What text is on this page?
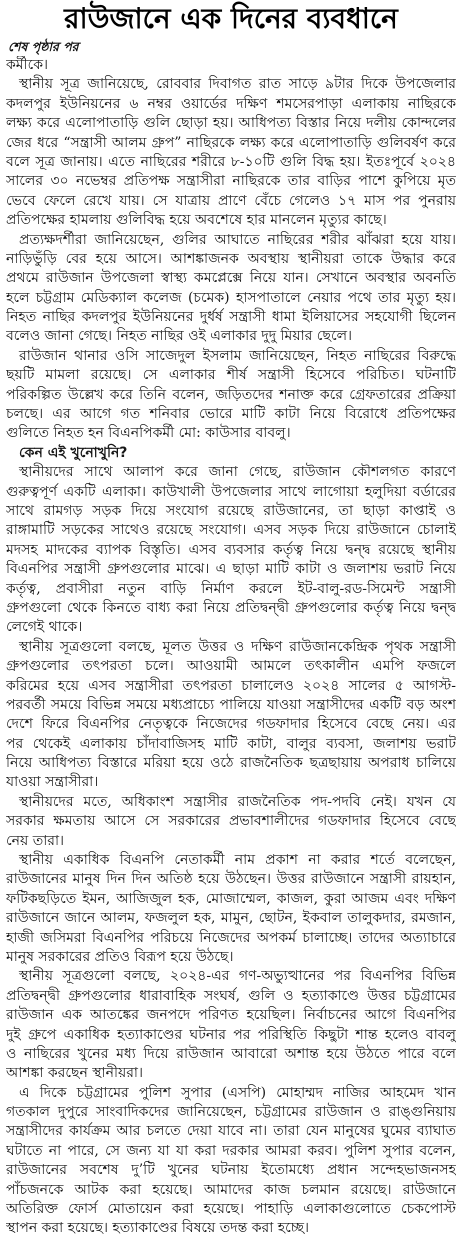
রাউজানে এক দিনের ব্যবধানে
শেষ পৃষ্ঠার পর
কর্মীকে।
স্থানীয় সূত্র জানিয়েছে, রোববার দিবাগত রাত সাড়ে ৯টার দিকে উপজেলার
কদলপুর ইউনিয়নের ৬ নম্বর ওয়ার্ডের দক্ষিণ শমসেরপাড়া এলাকায় নাছিরকে
লক্ষ্য করে এলোপাতাড়ি গুলি ছোড়া হয়। আধিপত্য বিস্তার নিয়ে দলীয় কোন্দলের
জের ধরে “সন্ত্রাসী আলম গ্রুপ” নাছিরকে লক্ষ্য করে এলোপাতাড়ি গুলিবর্ষণ করে
বলে সূত্র জানায়। এতে নাছিরের শরীরে ৮-১০টি গুলি বিদ্ধ হয়। ইতঃপূর্বে ২০২৪
সালের ৩০ নভেম্বর প্রতিপক্ষ সন্ত্রাসীরা নাছিরকে তার বাড়ির পাশে কুপিয়ে মৃত
ভেবে ফেলে রেখে যায়। সে যাত্রায় প্রাণে বেঁচে গেলেও ১৭ মাস পর পুনরায়
প্রতিপক্ষের হামলায় গুলিবিদ্ধ হয়ে অবশেষে হার মানলেন মৃত্যুর কাছে।
প্রত্যক্ষদর্শীরা জানিয়েছেন, গুলির আঘাতে নাছিরের শরীর ঝাঁঝরা হয়ে যায়।
নাড়িভুঁড়ি বের হয়ে আসে। আশঙ্কাজনক অবস্থায় স্থানীয়রা তাকে উদ্ধার করে
প্রথমে রাউজান উপজেলা স্বাস্থ্য কমপ্লেক্সে নিয়ে যান। সেখানে অবস্থার অবনতি
হলে চট্টগ্রাম মেডিক্যাল কলেজ (চমেক) হাসপাতালে নেয়ার পথে তার মৃত্যু হয়।
নিহত নাছির কদলপুর ইউনিয়নের দুর্ধর্ষ সন্ত্রাসী ধামা ইলিয়াসের সহযোগী ছিলেন
বলেও জানা গেছে। নিহত নাছির ওই এলাকার দুদু মিয়ার ছেলে।
রাউজান থানার ওসি সাজেদুল ইসলাম জানিয়েছেন, নিহত নাছিরের বিরুদ্ধে
ছয়টি মামলা রয়েছে। সে এলাকার শীর্ষ সন্ত্রাসী হিসেবে পরিচিত। ঘটনাটি
পরিকল্পিত উল্লেখ করে তিনি বলেন, জড়িতদের শনাক্ত করে গ্রেফতারের প্রক্রিয়া
চলছে। এর আগে গত শনিবার ভোরে মাটি কাটা নিয়ে বিরোধে প্রতিপক্ষের
গুলিতে নিহত হন বিএনপিকর্মী মো: কাউসার বাবলু।
কেন এই খুনোখুনি?
স্থানীয়দের সাথে আলাপ করে জানা গেছে, রাউজান কৌশলগত কারণে
গুরুত্বপূর্ণ একটি এলাকা। কাউখালী উপজেলার সাথে লাগোয়া হলুদিয়া বর্ডারের
সাথে রামগড় সড়ক দিয়ে সংযোগ রয়েছে রাউজানের, তা ছাড়া কাপ্তাই ও
রাঙ্গামাটি সড়কের সাথেও রয়েছে সংযোগ। এসব সড়ক দিয়ে রাউজানে চোলাই
মদসহ মাদকের ব্যাপক বিস্তৃতি। এসব ব্যবসার কর্তৃত্ব নিয়ে দ্বন্দ্ব রয়েছে স্থানীয়
বিএনপির সন্ত্রাসী গ্রুপগুলোর মাঝে। এ ছাড়া মাটি কাটা ও জলাশয় ভরাট নিয়ে
কর্তৃত্ব, প্রবাসীরা নতুন বাড়ি নির্মাণ করলে ইট-বালু-রড-সিমেন্ট সন্ত্রাসী
গ্রুপগুলো থেকে কিনতে বাধ্য করা নিয়ে প্রতিদ্বন্দ্বী গ্রুপগুলোর কর্তৃত্ব নিয়ে দ্বন্দ্ব
লেগেই থাকে।
স্থানীয় সূত্রগুলো বলছে, মূলত উত্তর ও দক্ষিণ রাউজানকেন্দ্রিক পৃথক সন্ত্রাসী
গ্রুপগুলোর তৎপরতা চলে। আওয়ামী আমলে তৎকালীন এমপি ফজলে
করিমের হয়ে এসব সন্ত্রাসীরা তৎপরতা চালালেও ২০২৪ সালের ৫ আগস্ট-
পরবর্তী সময়ে বিভিন্ন সময়ে মধ্যপ্রাচ্যে পালিয়ে যাওয়া সন্ত্রাসীদের একটি বড় অংশ
দেশে ফিরে বিএনপির নেতৃত্বকে নিজেদের গডফাদার হিসেবে বেছে নেয়। এর
পর থেকেই এলাকায় চাঁদাবাজিসহ মাটি কাটা, বালুর ব্যবসা, জলাশয় ভরাট
নিয়ে আধিপত্য বিস্তারে মরিয়া হয়ে ওঠে রাজনৈতিক ছত্রছায়ায় অপরাধ চালিয়ে
যাওয়া সন্ত্রাসীরা।
স্থানীয়দের মতে, অধিকাংশ সন্ত্রাসীর রাজনৈতিক পদ-পদবি নেই। যখন যে
সরকার ক্ষমতায় আসে সে সরকারের প্রভাবশালীদের গডফাদার হিসেবে বেছে
নেয় তারা।
স্থানীয় একাধিক বিএনপি নেতাকর্মী নাম প্রকাশ না করার শর্তে বলেছেন,
রাউজানের মানুষ দিন দিন অতিষ্ঠ হয়ে উঠছেন। উত্তর রাউজানে সন্ত্রাসী রায়হান,
ফটিকছড়িতে ইমন, আজিজুল হক, মোজাম্মেল, কাজল, কুরা আজম এবং দক্ষিণ
রাউজানে জানে আলম, ফজলুল হক, মামুন, ছোটন, ইকবাল তালুকদার, রমজান,
হাজী জসিমরা বিএনপির পরিচয়ে নিজেদের অপকর্ম চালাচ্ছে। তাদের অত্যাচারে
মানুষ সরকারের প্রতিও বিরূপ হয়ে উঠছে।
স্থানীয় সূত্রগুলো বলছে, ২০২৪-এর গণ-অভ্যুত্থানের পর বিএনপির বিভিন্ন
প্রতিদ্বন্দ্বী গ্রুপগুলোর ধারাবাহিক সংঘর্ষ, গুলি ও হত্যাকাণ্ডে উত্তর চট্টগ্রামের
রাউজান এক আতঙ্কের জনপদে পরিণত হয়েছিল। নির্বাচনের আগে বিএনপির
দুই গ্রুপে একাধিক হত্যাকাণ্ডের ঘটনার পর পরিস্থিতি কিছুটা শান্ত হলেও বাবলু
ও নাছিরের খুনের মধ্য দিয়ে রাউজান আবারো অশান্ত হয়ে উঠতে পারে বলে
আশঙ্কা করছেন স্থানীয়রা।
এ দিকে চট্টগ্রামের পুলিশ সুপার (এসপি) মোহাম্মদ নাজির আহমেদ খান
গতকাল দুপুরে সাংবাদিকদের জানিয়েছেন, চট্টগ্রামের রাউজান ও রাঙ্গুনিয়ায়
সন্ত্রাসীদের কার্যক্রম আর চলতে দেয়া যাবে না। তারা যেন মানুষের ঘুমের ব্যাঘাত
ঘটাতে না পারে, সে জন্য যা যা করা দরকার আমরা করব। পুলিশ সুপার বলেন,
রাউজানের সবশেষ দু’টি খুনের ঘটনায় ইতোমধ্যে প্রধান সন্দেহভাজনসহ
পাঁচজনকে আটক করা হয়েছে। আমাদের কাজ চলমান রয়েছে। রাউজানে
অতিরিক্ত ফোর্স মোতায়েন করা হয়েছে। পাহাড়ি এলাকাগুলোতে চেকপোস্ট
স্থাপন করা হয়েছে। হত্যাকাণ্ডের বিষয়ে তদন্ত করা হচ্ছে।
